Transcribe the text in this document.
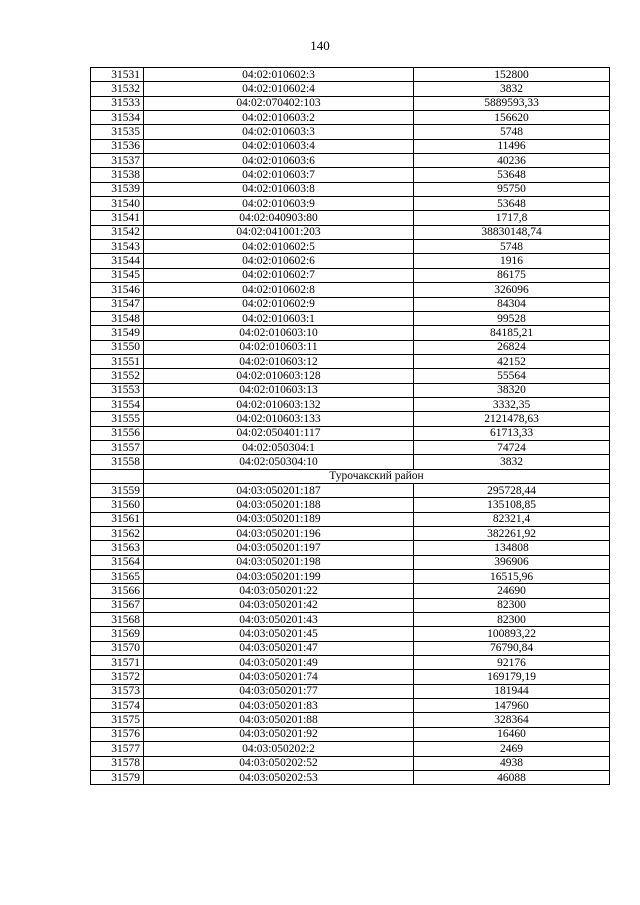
140
31531	04:02:010602:3	152800
31532	04:02:010602:4	3832
31533	04:02:070402:103	5889593,33
31534	04:02:010603:2	156620
31535	04:02:010603:3	5748
31536	04:02:010603:4	11496
31537	04:02:010603:6	40236
31538	04:02:010603:7	53648
31539	04:02:010603:8	95750
31540	04:02:010603:9	53648
31541	04:02:040903:80	1717,8
31542	04:02:041001:203	38830148,74
31543	04:02:010602:5	5748
31544	04:02:010602:6	1916
31545	04:02:010602:7	86175
31546	04:02:010602:8	326096
31547	04:02:010602:9	84304
31548	04:02:010603:1	99528
31549	04:02:010603:10	84185,21
31550	04:02:010603:11	26824
31551	04:02:010603:12	42152
31552	04:02:010603:128	55564
31553	04:02:010603:13	38320
31554	04:02:010603:132	3332,35
31555	04:02:010603:133	2121478,63
31556	04:02:050401:117	61713,33
31557	04:02:050304:1	74724
31558	04:02:050304:10	3832
	Турочакский район	
31559	04:03:050201:187	295728,44
31560	04:03:050201:188	135108,85
31561	04:03:050201:189	82321,4
31562	04:03:050201:196	382261,92
31563	04:03:050201:197	134808
31564	04:03:050201:198	396906
31565	04:03:050201:199	16515,96
31566	04:03:050201:22	24690
31567	04:03:050201:42	82300
31568	04:03:050201:43	82300
31569	04:03:050201:45	100893,22
31570	04:03:050201:47	76790,84
31571	04:03:050201:49	92176
31572	04:03:050201:74	169179,19
31573	04:03:050201:77	181944
31574	04:03:050201:83	147960
31575	04:03:050201:88	328364
31576	04:03:050201:92	16460
31577	04:03:050202:2	2469
31578	04:03:050202:52	4938
31579	04:03:050202:53	46088
